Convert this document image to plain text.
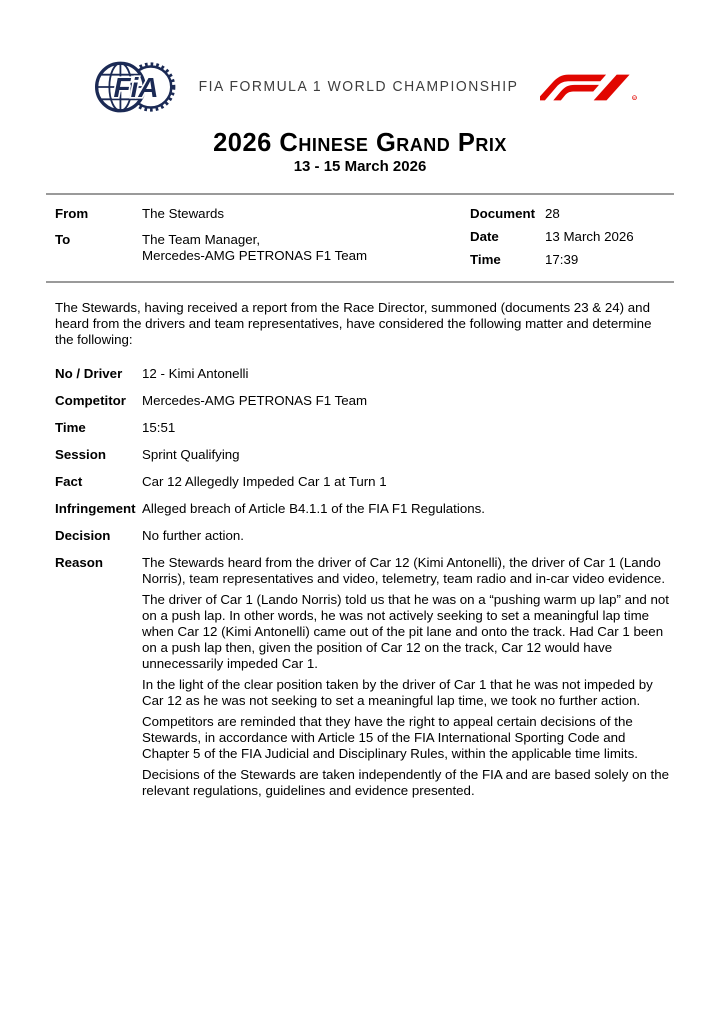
FiA	FIA FORMULA 1 WORLD CHAMPIONSHIP
R
2026 Chinese Grand Prix
13 - 15 March 2026
From	The Stewards
To	The Team Manager,
Mercedes-AMG PETRONAS F1 Team
Document 28
Date	13 March 2026
Time	17:39

The Stewards, having received a report from the Race Director, summoned (documents 23 & 24) and heard from the drivers and team representatives, have considered the following matter and determine the following:

No / Driver	12 - Kimi Antonelli
Competitor	Mercedes-AMG PETRONAS F1 Team
Time	15:51
Session	Sprint Qualifying
Fact	Car 12 Allegedly Impeded Car 1 at Turn 1
Infringement Alleged breach of Article B4.1.1 of the FIA F1 Regulations.
Decision	No further action.
Reason	The Stewards heard from the driver of Car 12 (Kimi Antonelli), the driver of Car 1 (Lando Norris), team representatives and video, telemetry, team radio and in-car video evidence.

The driver of Car 1 (Lando Norris) told us that he was on a “pushing warm up lap” and not on a push lap. In other words, he was not actively seeking to set a meaningful lap time when Car 12 (Kimi Antonelli) came out of the pit lane and onto the track. Had Car 1 been on a push lap then, given the position of Car 12 on the track, Car 12 would have unnecessarily impeded Car 1.

In the light of the clear position taken by the driver of Car 1 that he was not impeded by Car 12 as he was not seeking to set a meaningful lap time, we took no further action.

Competitors are reminded that they have the right to appeal certain decisions of the Stewards, in accordance with Article 15 of the FIA International Sporting Code and Chapter 5 of the FIA Judicial and Disciplinary Rules, within the applicable time limits.

Decisions of the Stewards are taken independently of the FIA and are based solely on the relevant regulations, guidelines and evidence presented.
